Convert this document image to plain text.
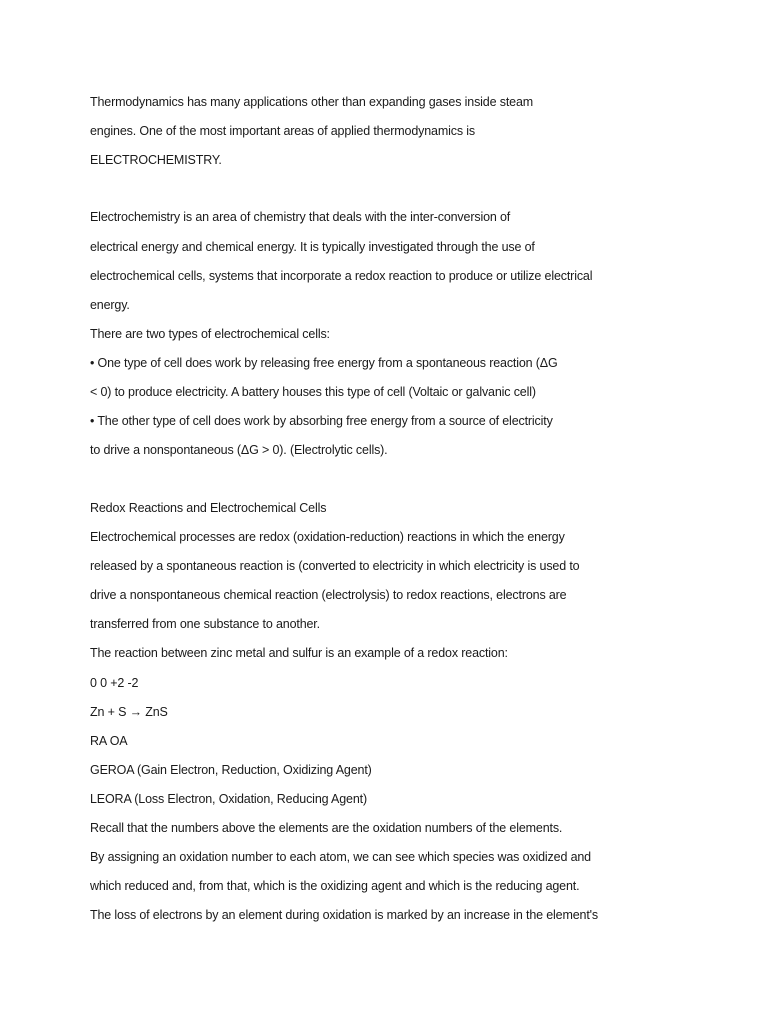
Thermodynamics has many applications other than expanding gases inside steam
engines. One of the most important areas of applied thermodynamics is
ELECTROCHEMISTRY.
Electrochemistry is an area of chemistry that deals with the inter-conversion of
electrical energy and chemical energy. It is typically investigated through the use of
electrochemical cells, systems that incorporate a redox reaction to produce or utilize electrical
energy.
There are two types of electrochemical cells:
• One type of cell does work by releasing free energy from a spontaneous reaction (ΔG
< 0) to produce electricity. A battery houses this type of cell (Voltaic or galvanic cell)
• The other type of cell does work by absorbing free energy from a source of electricity
to drive a nonspontaneous (ΔG > 0). (Electrolytic cells).
Redox Reactions and Electrochemical Cells
Electrochemical processes are redox (oxidation-reduction) reactions in which the energy
released by a spontaneous reaction is (converted to electricity in which electricity is used to
drive a nonspontaneous chemical reaction (electrolysis) to redox reactions, electrons are
transferred from one substance to another.
The reaction between zinc metal and sulfur is an example of a redox reaction:
0 0 +2 -2
Zn + S → ZnS
RA OA
GEROA (Gain Electron, Reduction, Oxidizing Agent)
LEORA (Loss Electron, Oxidation, Reducing Agent)
Recall that the numbers above the elements are the oxidation numbers of the elements.
By assigning an oxidation number to each atom, we can see which species was oxidized and
which reduced and, from that, which is the oxidizing agent and which is the reducing agent.
The loss of electrons by an element during oxidation is marked by an increase in the element's
